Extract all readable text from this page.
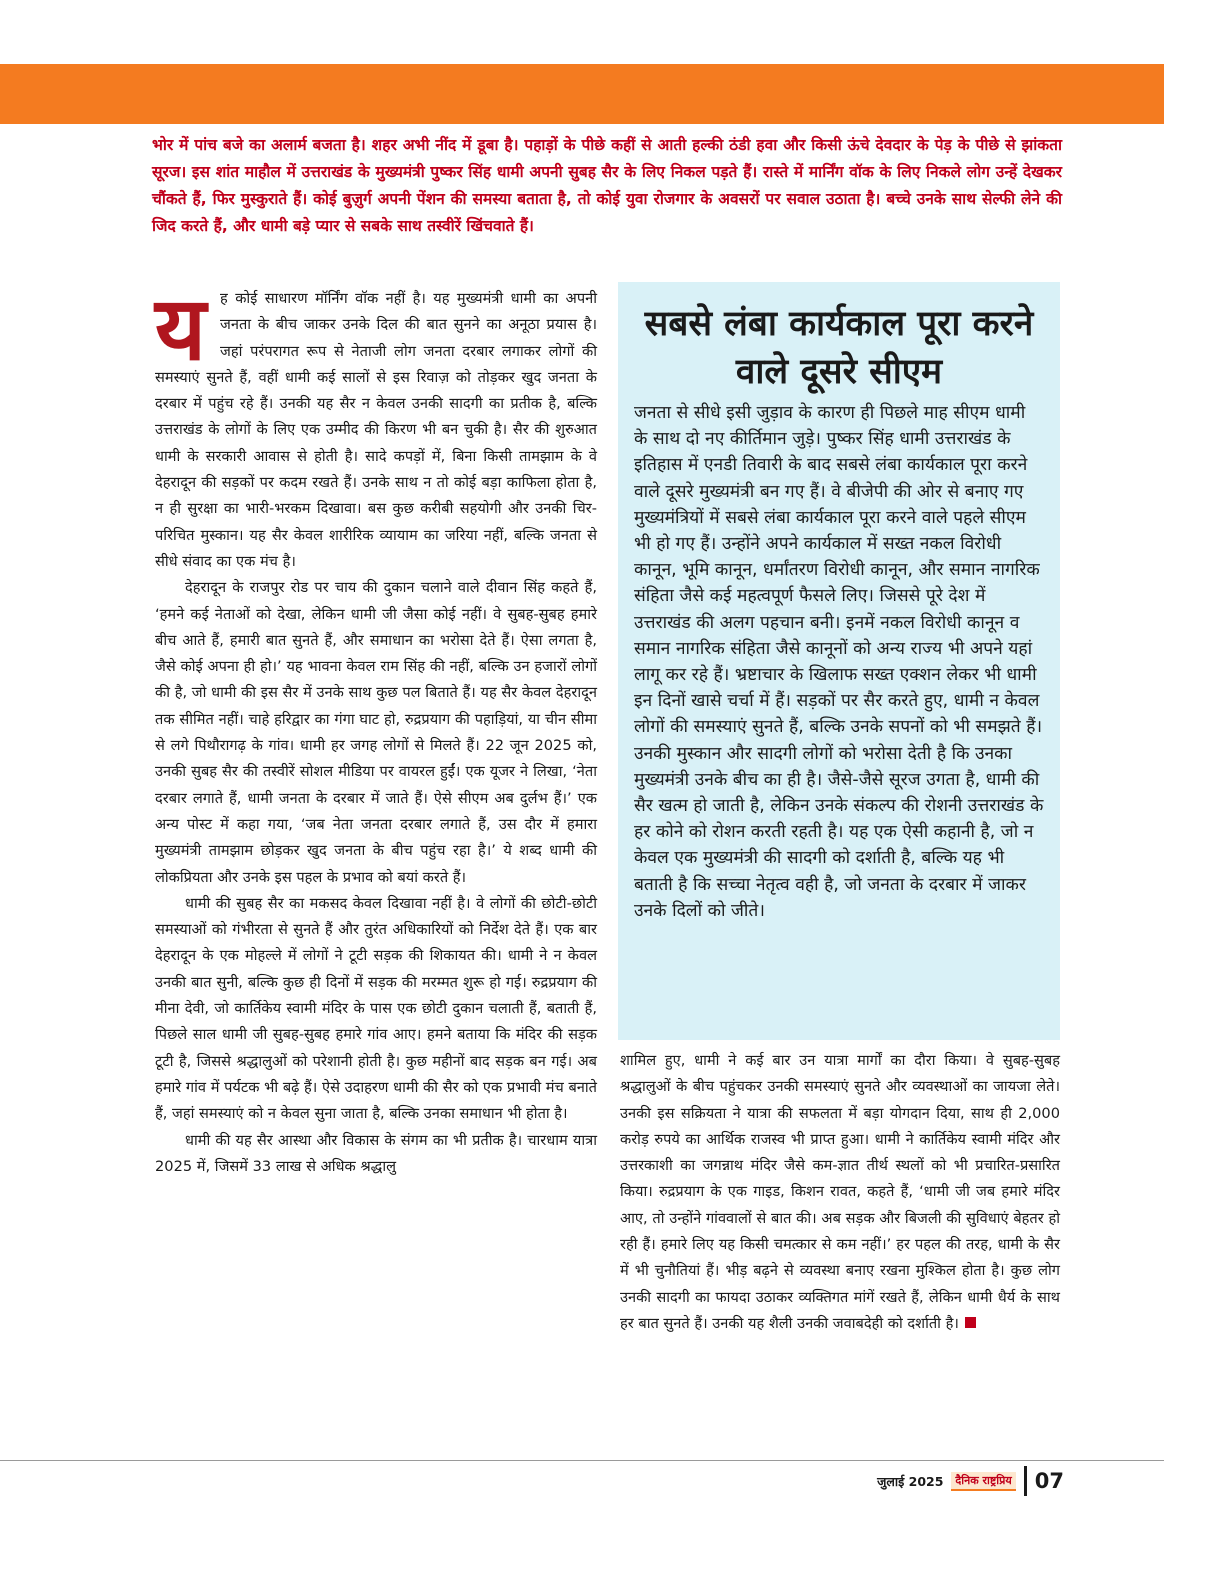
भोर में पांच बजे का अलार्म बजता है। शहर अभी नींद में डूबा है। पहाड़ों के पीछे कहीं से आती हल्की ठंडी हवा और किसी ऊंचे देवदार के पेड़ के पीछे से झांकता सूरज। इस शांत माहौल में उत्तराखंड के मुख्यमंत्री पुष्कर सिंह धामी अपनी सुबह सैर के लिए निकल पड़ते हैं। रास्ते में मार्निंग वॉक के लिए निकले लोग उन्हें देखकर चौंकते हैं, फिर मुस्कुराते हैं। कोई बुज़ुर्ग अपनी पेंशन की समस्या बताता है, तो कोई युवा रोजगार के अवसरों पर सवाल उठाता है। बच्चे उनके साथ सेल्फी लेने की जिद करते हैं, और धामी बड़े प्यार से सबके साथ तस्वीरें खिंचवाते हैं।

यह कोई साधारण मॉर्निंग वॉक नहीं है। यह मुख्यमंत्री धामी का अपनी जनता के बीच जाकर उनके दिल की बात सुनने का अनूठा प्रयास है। जहां परंपरागत रूप से नेताजी लोग जनता दरबार लगाकर लोगों की समस्याएं सुनते हैं, वहीं धामी कई सालों से इस रिवाज़ को तोड़कर खुद जनता के दरबार में पहुंच रहे हैं। उनकी यह सैर न केवल उनकी सादगी का प्रतीक है, बल्कि उत्तराखंड के लोगों के लिए एक उम्मीद की किरण भी बन चुकी है। सैर की शुरुआत धामी के सरकारी आवास से होती है। सादे कपड़ों में, बिना किसी तामझाम के वे देहरादून की सड़कों पर कदम रखते हैं। उनके साथ न तो कोई बड़ा काफिला होता है, न ही सुरक्षा का भारी-भरकम दिखावा। बस कुछ करीबी सहयोगी और उनकी चिर-परिचित मुस्कान। यह सैर केवल शारीरिक व्यायाम का जरिया नहीं, बल्कि जनता से सीधे संवाद का एक मंच है।

देहरादून के राजपुर रोड पर चाय की दुकान चलाने वाले दीवान सिंह कहते हैं, ‘हमने कई नेताओं को देखा, लेकिन धामी जी जैसा कोई नहीं। वे सुबह-सुबह हमारे बीच आते हैं, हमारी बात सुनते हैं, और समाधान का भरोसा देते हैं। ऐसा लगता है, जैसे कोई अपना ही हो।’ यह भावना केवल राम सिंह की नहीं, बल्कि उन हजारों लोगों की है, जो धामी की इस सैर में उनके साथ कुछ पल बिताते हैं। यह सैर केवल देहरादून तक सीमित नहीं। चाहे हरिद्वार का गंगा घाट हो, रुद्रप्रयाग की पहाड़ियां, या चीन सीमा से लगे पिथौरागढ़ के गांव। धामी हर जगह लोगों से मिलते हैं। 22 जून 2025 को, उनकी सुबह सैर की तस्वीरें सोशल मीडिया पर वायरल हुईं। एक यूजर ने लिखा, ‘नेता दरबार लगाते हैं, धामी जनता के दरबार में जाते हैं। ऐसे सीएम अब दुर्लभ हैं।’ एक अन्य पोस्ट में कहा गया, ‘जब नेता जनता दरबार लगाते हैं, उस दौर में हमारा मुख्यमंत्री तामझाम छोड़कर खुद जनता के बीच पहुंच रहा है।’ ये शब्द धामी की लोकप्रियता और उनके इस पहल के प्रभाव को बयां करते हैं।

धामी की सुबह सैर का मकसद केवल दिखावा नहीं है। वे लोगों की छोटी-छोटी समस्याओं को गंभीरता से सुनते हैं और तुरंत अधिकारियों को निर्देश देते हैं। एक बार देहरादून के एक मोहल्ले में लोगों ने टूटी सड़क की शिकायत की। धामी ने न केवल उनकी बात सुनी, बल्कि कुछ ही दिनों में सड़क की मरम्मत शुरू हो गई। रुद्रप्रयाग की मीना देवी, जो कार्तिकेय स्वामी मंदिर के पास एक छोटी दुकान चलाती हैं, बताती हैं, पिछले साल धामी जी सुबह-सुबह हमारे गांव आए। हमने बताया कि मंदिर की सड़क टूटी है, जिससे श्रद्धालुओं को परेशानी होती है। कुछ महीनों बाद सड़क बन गई। अब हमारे गांव में पर्यटक भी बढ़े हैं। ऐसे उदाहरण धामी की सैर को एक प्रभावी मंच बनाते हैं, जहां समस्याएं को न केवल सुना जाता है, बल्कि उनका समाधान भी होता है।

धामी की यह सैर आस्था और विकास के संगम का भी प्रतीक है। चारधाम यात्रा 2025 में, जिसमें 33 लाख से अधिक श्रद्धालु

सबसे लंबा कार्यकाल पूरा करने वाले दूसरे सीएम

जनता से सीधे इसी जुड़ाव के कारण ही पिछले माह सीएम धामी के साथ दो नए कीर्तिमान जुड़े। पुष्कर सिंह धामी उत्तराखंड के इतिहास में एनडी तिवारी के बाद सबसे लंबा कार्यकाल पूरा करने वाले दूसरे मुख्यमंत्री बन गए हैं। वे बीजेपी की ओर से बनाए गए मुख्यमंत्रियों में सबसे लंबा कार्यकाल पूरा करने वाले पहले सीएम भी हो गए हैं। उन्होंने अपने कार्यकाल में सख्त नकल विरोधी कानून, भूमि कानून, धर्मांतरण विरोधी कानून, और समान नागरिक संहिता जैसे कई महत्वपूर्ण फैसले लिए। जिससे पूरे देश में उत्तराखंड की अलग पहचान बनी। इनमें नकल विरोधी कानून व समान नागरिक संहिता जैसे कानूनों को अन्य राज्य भी अपने यहां लागू कर रहे हैं। भ्रष्टाचार के खिलाफ सख्त एक्शन लेकर भी धामी इन दिनों खासे चर्चा में हैं। सड़कों पर सैर करते हुए, धामी न केवल लोगों की समस्याएं सुनते हैं, बल्कि उनके सपनों को भी समझते हैं। उनकी मुस्कान और सादगी लोगों को भरोसा देती है कि उनका मुख्यमंत्री उनके बीच का ही है। जैसे-जैसे सूरज उगता है, धामी की सैर खत्म हो जाती है, लेकिन उनके संकल्प की रोशनी उत्तराखंड के हर कोने को रोशन करती रहती है। यह एक ऐसी कहानी है, जो न केवल एक मुख्यमंत्री की सादगी को दर्शाती है, बल्कि यह भी बताती है कि सच्चा नेतृत्व वही है, जो जनता के दरबार में जाकर उनके दिलों को जीते।

शामिल हुए, धामी ने कई बार उन यात्रा मार्गों का दौरा किया। वे सुबह-सुबह श्रद्धालुओं के बीच पहुंचकर उनकी समस्याएं सुनते और व्यवस्थाओं का जायजा लेते। उनकी इस सक्रियता ने यात्रा की सफलता में बड़ा योगदान दिया, साथ ही 2,000 करोड़ रुपये का आर्थिक राजस्व भी प्राप्त हुआ। धामी ने कार्तिकेय स्वामी मंदिर और उत्तरकाशी का जगन्नाथ मंदिर जैसे कम-ज्ञात तीर्थ स्थलों को भी प्रचारित-प्रसारित किया। रुद्रप्रयाग के एक गाइड, किशन रावत, कहते हैं, ‘धामी जी जब हमारे मंदिर आए, तो उन्होंने गांववालों से बात की। अब सड़क और बिजली की सुविधाएं बेहतर हो रही हैं। हमारे लिए यह किसी चमत्कार से कम नहीं।’ हर पहल की तरह, धामी के सैर में भी चुनौतियां हैं। भीड़ बढ़ने से व्यवस्था बनाए रखना मुश्किल होता है। कुछ लोग उनकी सादगी का फायदा उठाकर व्यक्तिगत मांगें रखते हैं, लेकिन धामी धैर्य के साथ हर बात सुनते हैं। उनकी यह शैली उनकी जवाबदेही को दर्शाती है।

जुलाई 2025	दैनिक राष्ट्रप्रिय 07
